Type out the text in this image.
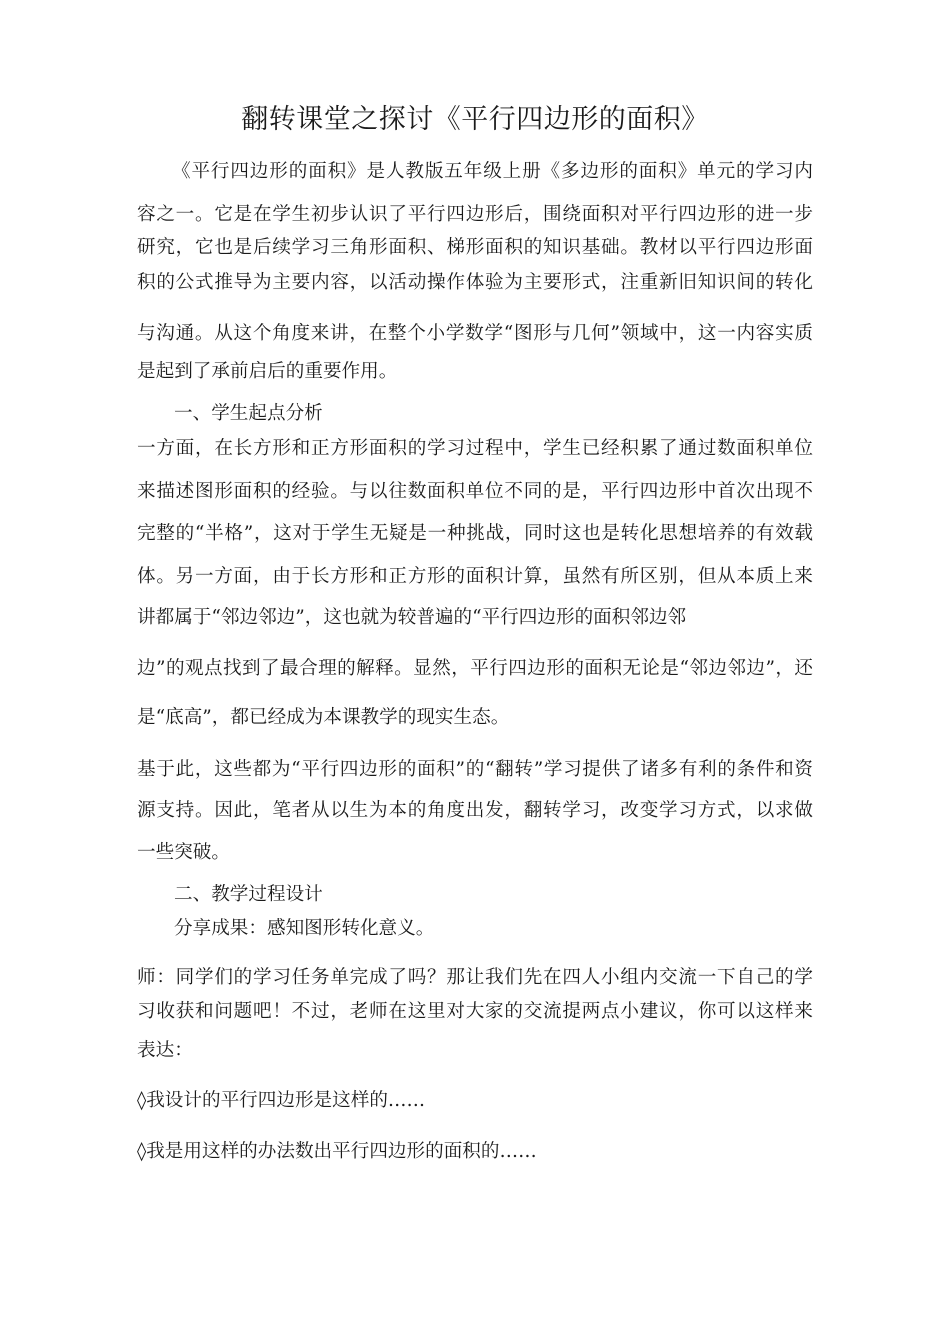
翻转课堂之探讨《平行四边形的面积》

《平行四边形的面积》是人教版五年级上册《多边形的面积》单元的学习内

容之一。它是在学生初步认识了平行四边形后，围绕面积对平行四边形的进一步

研究，它也是后续学习三角形面积、梯形面积的知识基础。教材以平行四边形面

积的公式推导为主要内容，以活动操作体验为主要形式，注重新旧知识间的转化

与沟通。从这个角度来讲，在整个小学数学“图形与几何”领域中，这一内容实质

是起到了承前启后的重要作用。

一、学生起点分析

一方面，在长方形和正方形面积的学习过程中，学生已经积累了通过数面积单位

来描述图形面积的经验。与以往数面积单位不同的是，平行四边形中首次出现不

完整的“半格”，这对于学生无疑是一种挑战，同时这也是转化思想培养的有效载

体。另一方面，由于长方形和正方形的面积计算，虽然有所区别，但从本质上来

讲都属于“邻边邻边”，这也就为较普遍的“平行四边形的面积邻边邻

边”的观点找到了最合理的解释。显然，平行四边形的面积无论是“邻边邻边”，还

是“底高”，都已经成为本课教学的现实生态。

基于此，这些都为“平行四边形的面积”的“翻转”学习提供了诸多有利的条件和资

源支持。因此，笔者从以生为本的角度出发，翻转学习，改变学习方式，以求做

一些突破。

二、教学过程设计

分享成果：感知图形转化意义。

师：同学们的学习任务单完成了吗？那让我们先在四人小组内交流一下自己的学

习收获和问题吧！不过，老师在这里对大家的交流提两点小建议，你可以这样来

表达：

◊我设计的平行四边形是这样的……

◊我是用这样的办法数出平行四边形的面积的……
